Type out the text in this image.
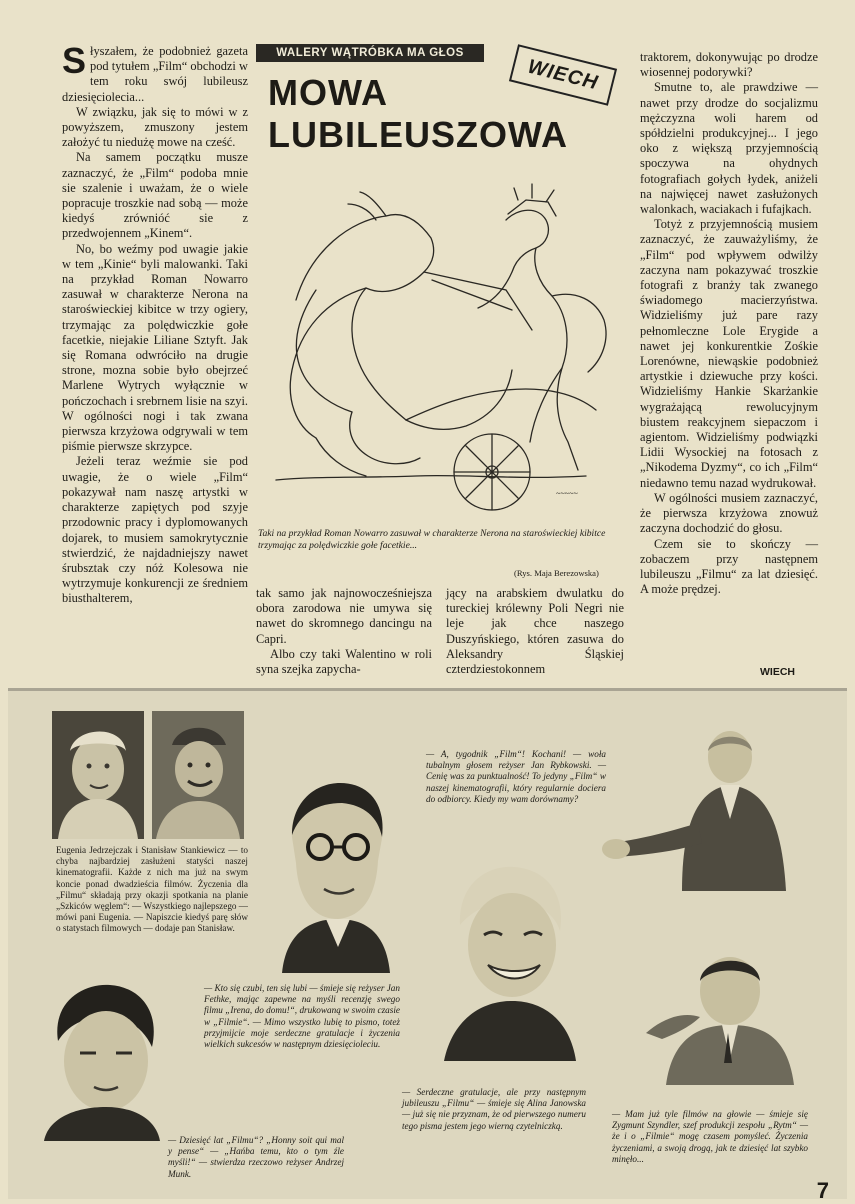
Słyszałem, że podobnież gazeta pod tytułem „Film“ obchodzi w tem roku swój lubileusz dziesięciolecia...

W związku, jak się to mówi w z powyższem, zmuszony jestem założyć tu niedużę mowe na cześć.

Na samem początku musze zaznaczyć, że „Film“ podoba mnie sie szalenie i uważam, że o wiele popracuje troszkie nad sobą — może kiedyś zrównióć sie z przedwojennem „Kinem“.

No, bo weźmy pod uwagie jakie w tem „Kinie“ byli malowanki. Taki na przykład Roman Nowarro zasuwał w charakterze Nerona na staroświeckiej kibitce w trzy ogiery, trzymając za polędwiczkie gołe facetkie, niejakie Liliane Sztyft. Jak się Romana odwróciło na drugie strone, mozna sobie było obejrzeć Marlene Wytrych wyłącznie w pończochach i srebrnem lisie na szyi. W ogólności nogi i tak zwana pierwsza krzyżowa odgrywali w tem piśmie pierwsze skrzypce.

Jeżeli teraz weźmie sie pod uwagie, że o wiele „Film“ pokazywał nam naszę artystki w charakterze zapiętych pod szyje przodownic pracy i dyplomowanych dojarek, to musiem samokrytycznie stwierdzić, że najdadniejszy nawet śrubsztak czy nóż Kolesowa nie wytrzymuje konkurencji ze średniem biusthalterem,

WALERY WĄTRÓBKA MA GŁOS
MOWA
LUBILEUSZOWA
WIECH
~~~~~
Taki na przykład Roman Nowarro zasuwał w charakterze Nerona na staroświeckiej kibitce trzymając za polędwiczkie gołe facetkie...
(Rys. Maja Berezowska)

tak samo jak najnowocześniejsza obora zarodowa nie umywa się nawet do skromnego dancingu na Capri.

Albo czy taki Walentino w roli syna szejka zapycha-

jący na arabskiem dwulatku do tureckiej królewny Poli Negri nie leje jak chce naszego Duszyńskiego, któren zasuwa do Aleksandry Śląskiej czterdziestokonnem

traktorem, dokonywując po drodze wiosennej podorywki?

Smutne to, ale prawdziwe — nawet przy drodze do socjalizmu mężczyzna woli harem od spółdzielni produkcyjnej... I jego oko z większą przyjemnością spoczywa na ohydnych fotografiach gołych łydek, aniżeli na najwięcej nawet zasłużonych walonkach, waciakach i fufajkach.

Totyż z przyjemnością musiem zaznaczyć, że zauważyliśmy, że „Film“ pod wpływem odwilży zaczyna nam pokazywać troszkie fotografi z branży tak zwanego świadomego macierzyństwa. Widzieliśmy już pare razy pełnomleczne Lole Erygide a nawet jej konkurentkie Zośkie Lorenówne, niewąskie podobnież artystkie i dziewuche przy kości. Widzieliśmy Hankie Skarżankie wygrażającą rewolucyjnym biustem reakcyjnem siepaczom i agientom. Widzieliśmy podwiązki Lidii Wysockiej na fotosach z „Nikodema Dyzmy“, co ich „Film“ niedawno temu nazad wydrukował.

W ogólności musiem zaznaczyć, że pierwsza krzyżowa znowuż zaczyna dochodzić do głosu.

Czem sie to skończy — zobaczem przy następnem lubileuszu „Filmu“ za lat dziesięć. A może prędzej.

WIECH
Eugenia Jedrzejczak i Stanisław Stankiewicz — to chyba najbardziej zasłużeni statyści naszej kinematografii. Każde z nich ma już na swym koncie ponad dwadzieścia filmów. Życzenia dla „Filmu“ składają przy okazji spotkania na planie „Szkiców węglem“: — Wszystkiego najlepszego — mówi pani Eugenia. — Napiszcie kiedyś parę słów o statystach filmowych — dodaje pan Stanisław.
— A, tygodnik „Film“! Kochani! — woła tubalnym głosem reżyser Jan Rybkowski. — Cenię was za punktualność! To jedyny „Film“ w naszej kinematografii, który regularnie dociera do odbiorcy. Kiedy my wam dorównamy?
— Kto się czubi, ten się lubi — śmieje się reżyser Jan Fethke, mając zapewne na myśli recenzję swego filmu „Irena, do domu!“, drukowaną w swoim czasie w „Filmie“. — Mimo wszystko lubię to pismo, toteż przyjmijcie moje serdeczne gratulacje i życzenia wielkich sukcesów w następnym dziesięcioleciu.
— Serdeczne gratulacje, ale przy następnym jubileuszu „Filmu“ — śmieje się Alina Janowska — już się nie przyznam, że od pierwszego numeru tego pisma jestem jego wierną czytelniczką.
— Dziesięć lat „Filmu“? „Honny soit qui mal y pense“ — „Hańba temu, kto o tym źle myśli!“ — stwierdza rzeczowo reżyser Andrzej Munk.
— Mam już tyle filmów na głowie — śmieje się Zygmunt Szyndler, szef produkcji zespołu „Rytm“ — że i o „Filmie“ mogę czasem pomyśleć. Życzenia życzeniami, a swoją drogą, jak te dziesięć lat szybko minęło...
7
